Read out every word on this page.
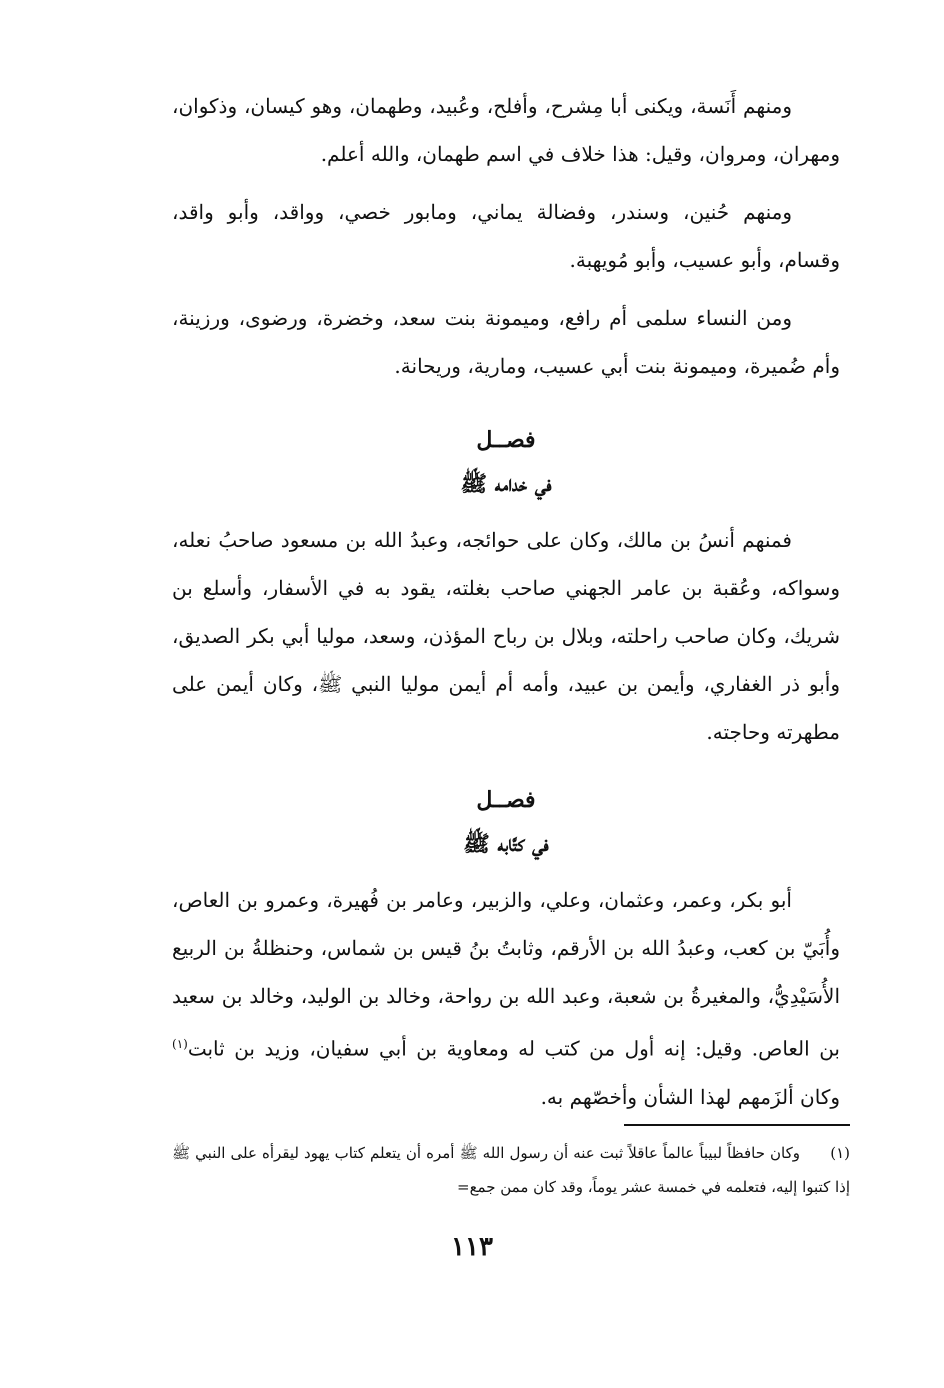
ومنهم أَنَسة، ويكنى أبا مِشرح، وأفلح، وعُبيد، وطهمان، وهو كيسان، وذكوان، ومهران، ومروان، وقيل: هذا خلاف في اسم طهمان، والله أعلم.

ومنهم حُنين، وسندر، وفضالة يماني، ومابور خصي، وواقد، وأبو واقد، وقسام، وأبو عسيب، وأبو مُويهبة.

ومن النساء سلمى أم رافع، وميمونة بنت سعد، وخضرة، ورضوى، ورزينة، وأم ضُميرة، وميمونة بنت أبي عسيب، ومارية، وريحانة.

فصــل
في خدامه ﷺ

فمنهم أنسُ بن مالك، وكان على حوائجه، وعبدُ الله بن مسعود صاحبُ نعله، وسواكه، وعُقبة بن عامر الجهني صاحب بغلته، يقود به في الأسفار، وأسلع بن شريك، وكان صاحب راحلته، وبلال بن رباح المؤذن، وسعد، موليا أبي بكر الصديق، وأبو ذر الغفاري، وأيمن بن عبيد، وأمه أم أيمن موليا النبي ﷺ، وكان أيمن على مطهرته وحاجته.

فصــل
في كتَّابه ﷺ

أبو بكر، وعمر، وعثمان، وعلي، والزبير، وعامر بن فُهيرة، وعمرو بن العاص، وأُبَيّ بن كعب، وعبدُ الله بن الأرقم، وثابتُ بنُ قيس بن شماس، وحنظلةُ بن الربيع الأُسَيْدِيُّ، والمغيرةُ بن شعبة، وعبد الله بن رواحة، وخالد بن الوليد، وخالد بن سعيد بن العاص. وقيل: إنه أول من كتب له ومعاوية بن أبي سفيان، وزيد بن ثابت$^{(١)}$ وكان ألزَمهم لهذا الشأن وأخصّهم به.

(١)وكان حافظاً لبيباً عالماً عاقلاً ثبت عنه أن رسول الله ﷺ أمره أن يتعلم كتاب يهود ليقرأه على النبي ﷺ إذا كتبوا إليه، فتعلمه في خمسة عشر يوماً، وقد كان ممن جمع=
١١٣
